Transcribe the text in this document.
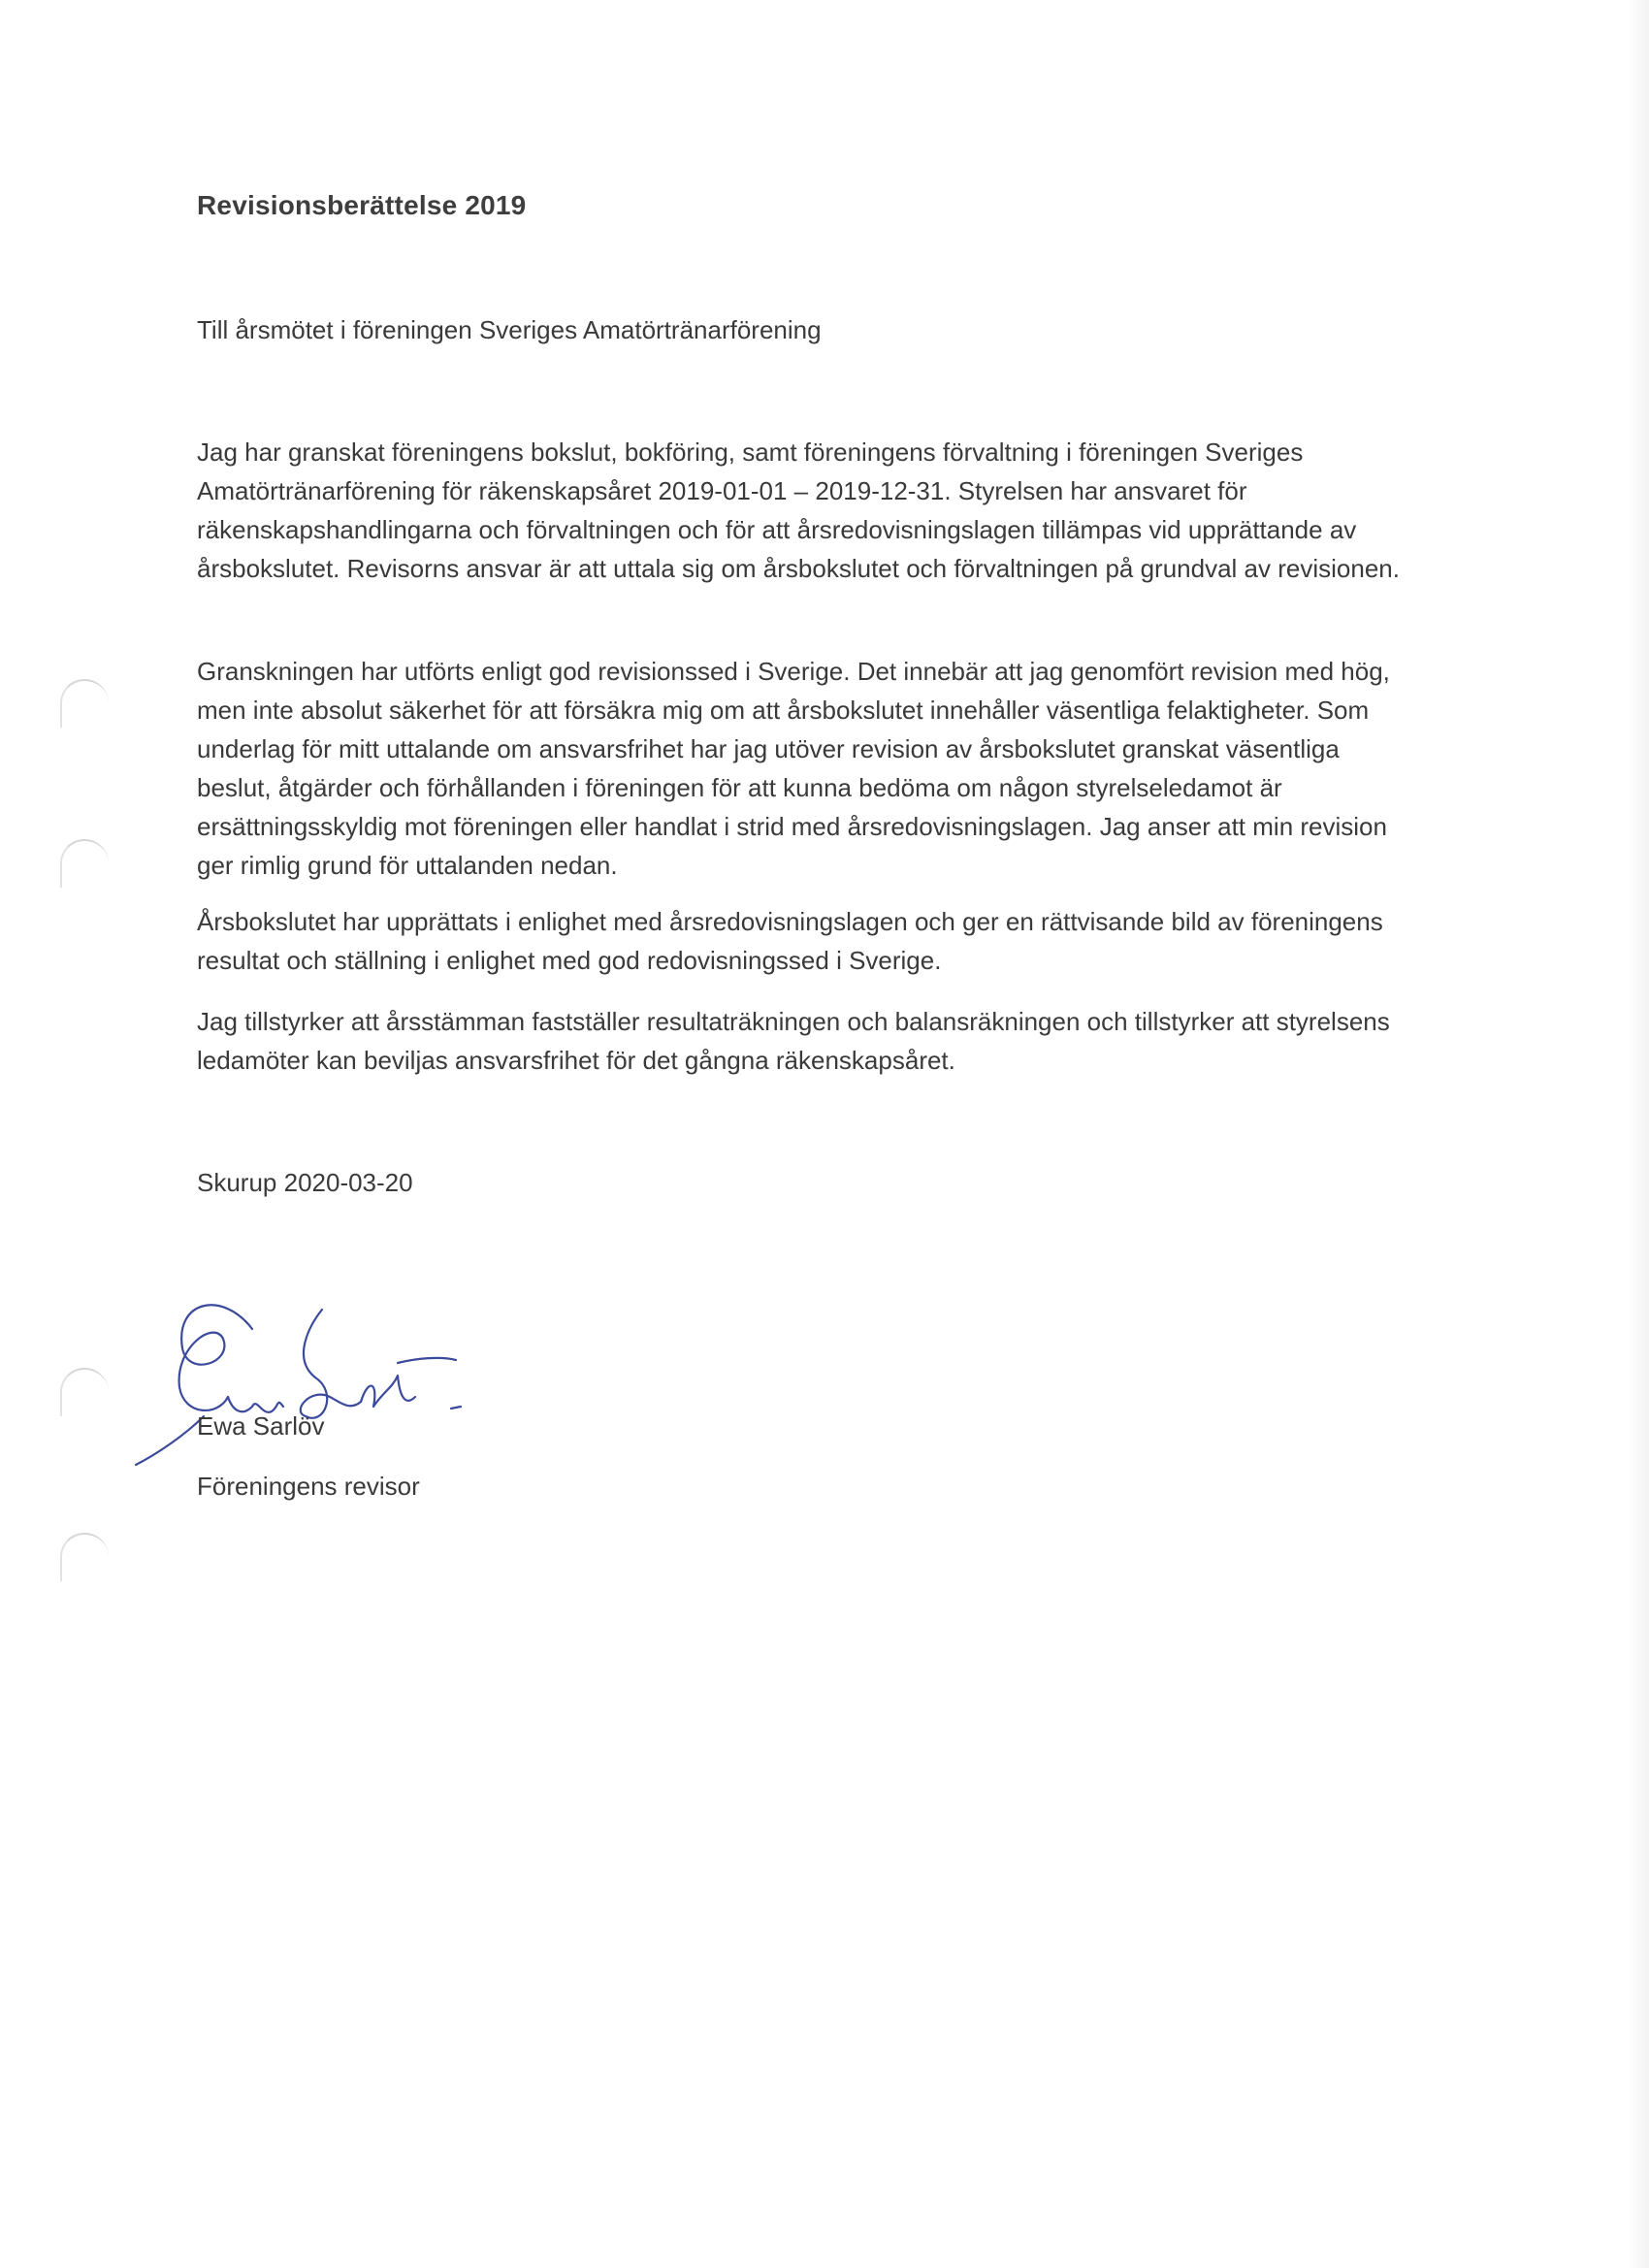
Revisionsberättelse 2019
Till årsmötet i föreningen Sveriges Amatörtränarförening

Jag har granskat föreningens bokslut, bokföring, samt föreningens förvaltning i föreningen Sveriges Amatörtränarförening för räkenskapsåret 2019-01-01 – 2019-12-31. Styrelsen har ansvaret för räkenskapshandlingarna och förvaltningen och för att årsredovisningslagen tillämpas vid upprättande av årsbokslutet. Revisorns ansvar är att uttala sig om årsbokslutet och förvaltningen på grundval av revisionen.

Granskningen har utförts enligt god revisionssed i Sverige. Det innebär att jag genomfört revision med hög, men inte absolut säkerhet för att försäkra mig om att årsbokslutet innehåller väsentliga felaktigheter. Som underlag för mitt uttalande om ansvarsfrihet har jag utöver revision av årsbokslutet granskat väsentliga beslut, åtgärder och förhållanden i föreningen för att kunna bedöma om någon styrelseledamot är ersättningsskyldig mot föreningen eller handlat i strid med årsredovisningslagen. Jag anser att min revision ger rimlig grund för uttalanden nedan.

Årsbokslutet har upprättats i enlighet med årsredovisningslagen och ger en rättvisande bild av föreningens resultat och ställning i enlighet med god redovisningssed i Sverige.

Jag tillstyrker att årsstämman fastställer resultaträkningen och balansräkningen och tillstyrker att styrelsens ledamöter kan beviljas ansvarsfrihet för det gångna räkenskapsåret.

Skurup 2020-03-20
Ewa Sarlöv
Föreningens revisor
